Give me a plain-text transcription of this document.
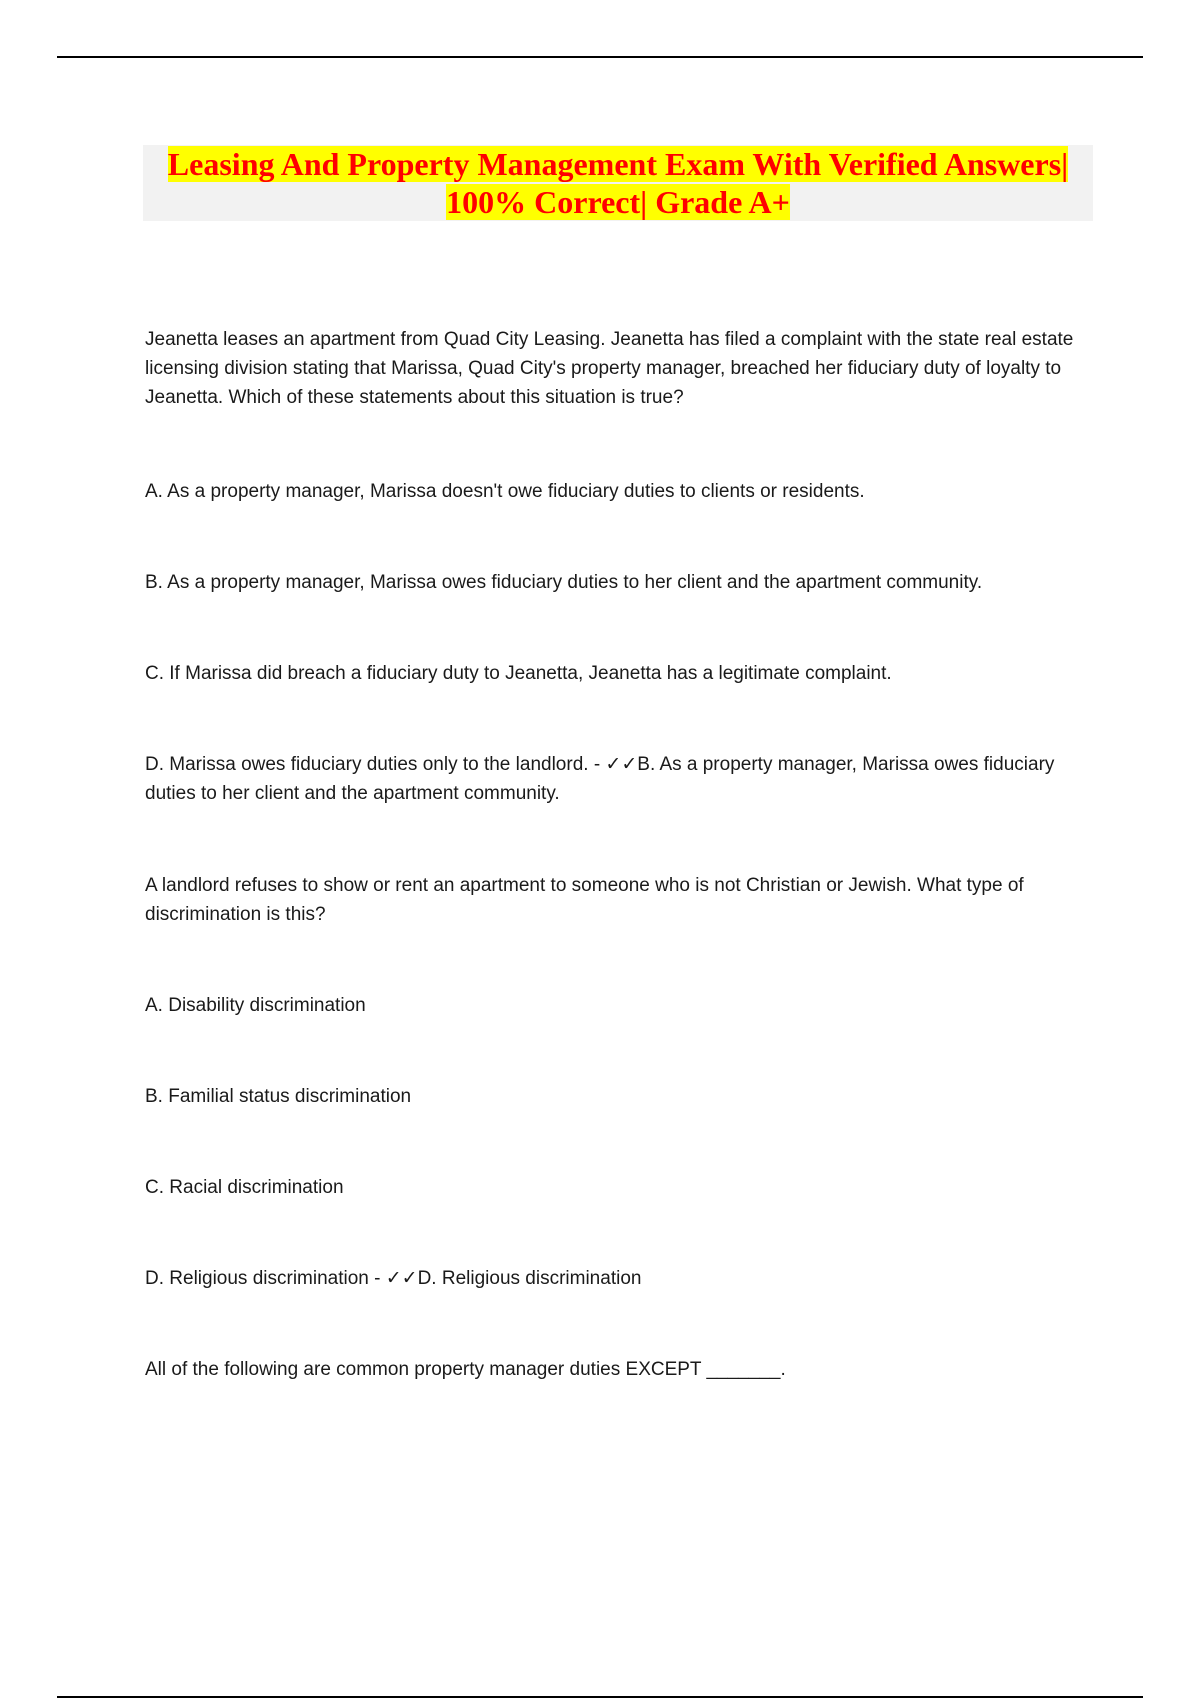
Leasing And Property Management Exam With Verified Answers|
100% Correct| Grade A+

Jeanetta leases an apartment from Quad City Leasing. Jeanetta has filed a complaint with the state real estate licensing division stating that Marissa, Quad City's property manager, breached her fiduciary duty of loyalty to Jeanetta. Which of these statements about this situation is true?

A. As a property manager, Marissa doesn't owe fiduciary duties to clients or residents.

B. As a property manager, Marissa owes fiduciary duties to her client and the apartment community.

C. If Marissa did breach a fiduciary duty to Jeanetta, Jeanetta has a legitimate complaint.

D. Marissa owes fiduciary duties only to the landlord. - ✓✓B. As a property manager, Marissa owes fiduciary duties to her client and the apartment community.

A landlord refuses to show or rent an apartment to someone who is not Christian or Jewish. What type of discrimination is this?

A. Disability discrimination

B. Familial status discrimination

C. Racial discrimination

D. Religious discrimination - ✓✓D. Religious discrimination

All of the following are common property manager duties EXCEPT _______.
